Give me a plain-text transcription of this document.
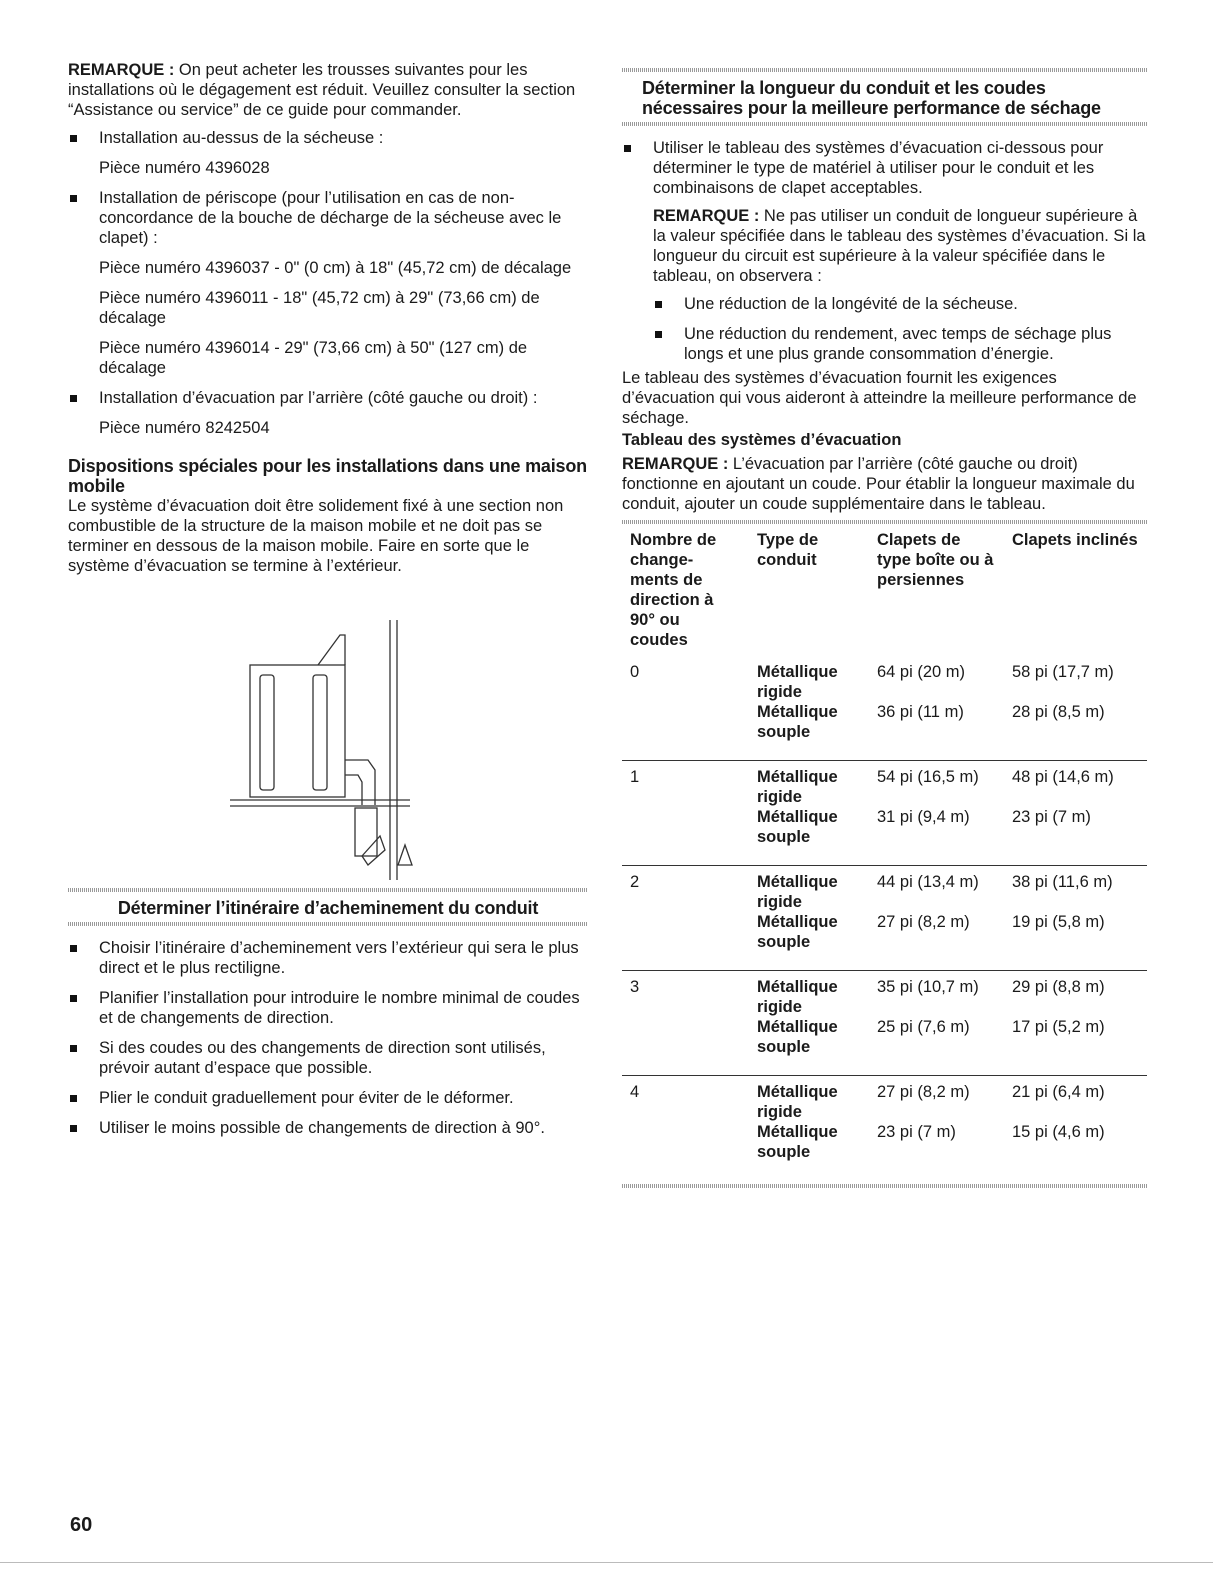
REMARQUE : On peut acheter les trousses suivantes pour les installations où le dégagement est réduit. Veuillez consulter la section “Assistance ou service” de ce guide pour commander.

Installation au-dessus de la sécheuse :
Pièce numéro 4396028
Installation de périscope (pour l’utilisation en cas de non-concordance de la bouche de décharge de la sécheuse avec le clapet) :
Pièce numéro 4396037 - 0" (0 cm) à 18" (45,72 cm) de décalage
Pièce numéro 4396011 - 18" (45,72 cm) à 29" (73,66 cm) de décalage
Pièce numéro 4396014 - 29" (73,66 cm) à 50" (127 cm) de décalage
Installation d’évacuation par l’arrière (côté gauche ou droit) :
Pièce numéro 8242504
Dispositions spéciales pour les installations dans une maison mobile

Le système d’évacuation doit être solidement fixé à une section non combustible de la structure de la maison mobile et ne doit pas se terminer en dessous de la maison mobile. Faire en sorte que le système d’évacuation se termine à l’extérieur.

Déterminer l’itinéraire d’acheminement du conduit
Choisir l’itinéraire d’acheminement vers l’extérieur qui sera le plus direct et le plus rectiligne.
Planifier l’installation pour introduire le nombre minimal de coudes et de changements de direction.
Si des coudes ou des changements de direction sont utilisés, prévoir autant d’espace que possible.
Plier le conduit graduellement pour éviter de le déformer.
Utiliser le moins possible de changements de direction à 90°.
Déterminer la longueur du conduit et les coudes nécessaires pour la meilleure performance de séchage
Utiliser le tableau des systèmes d’évacuation ci-dessous pour déterminer le type de matériel à utiliser pour le conduit et les combinaisons de clapet acceptables.

REMARQUE : Ne pas utiliser un conduit de longueur supérieure à la valeur spécifiée dans le tableau des systèmes d’évacuation. Si la longueur du circuit est supérieure à la valeur spécifiée dans le tableau, on observera :

Une réduction de la longévité de la sécheuse.
Une réduction du rendement, avec temps de séchage plus longs et une plus grande consommation d’énergie.

Le tableau des systèmes d’évacuation fournit les exigences d’évacuation qui vous aideront à atteindre la meilleure performance de séchage.

Tableau des systèmes d’évacuation

REMARQUE : L’évacuation par l’arrière (côté gauche ou droit) fonctionne en ajoutant un coude. Pour établir la longueur maximale du conduit, ajouter un coude supplémentaire dans le tableau.

Nombre de change-ments de direction à 90° ou coudes	Type de conduit	Clapets de type boîte ou à persiennes	Clapets inclinés
0	Métallique rigide	64 pi (20 m)	58 pi (17,7 m)
	Métallique souple	36 pi (11 m)	28 pi (8,5 m)
1	Métallique rigide	54 pi (16,5 m)	48 pi (14,6 m)
	Métallique souple	31 pi (9,4 m)	23 pi (7 m)
2	Métallique rigide	44 pi (13,4 m)	38 pi (11,6 m)
	Métallique souple	27 pi (8,2 m)	19 pi (5,8 m)
3	Métallique rigide	35 pi (10,7 m)	29 pi (8,8 m)
	Métallique souple	25 pi (7,6 m)	17 pi (5,2 m)
4	Métallique rigide	27 pi (8,2 m)	21 pi (6,4 m)
	Métallique souple	23 pi (7 m)	15 pi (4,6 m)
60
